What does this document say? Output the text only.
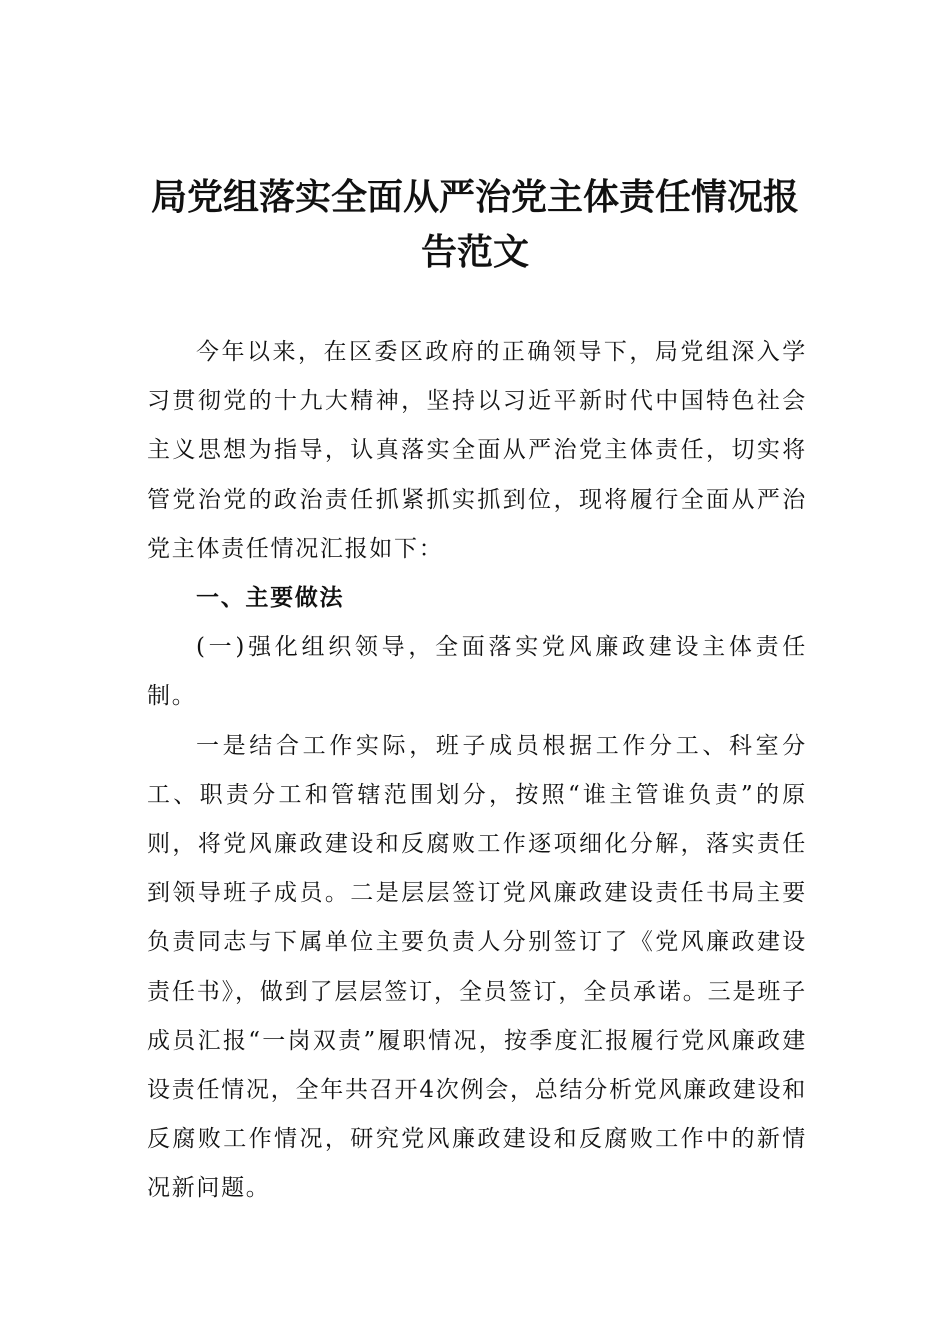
局党组落实全面从严治党主体责任情况报
告范文

今年以来，在区委区政府的正确领导下，局党组深入学习贯彻党的十九大精神，坚持以习近平新时代中国特色社会主义思想为指导，认真落实全面从严治党主体责任，切实将管党治党的政治责任抓紧抓实抓到位，现将履行全面从严治党主体责任情况汇报如下：

一、主要做法

(一)强化组织领导，全面落实党风廉政建设主体责任制。

一是结合工作实际，班子成员根据工作分工、科室分工、职责分工和管辖范围划分，按照“谁主管谁负责”的原则，将党风廉政建设和反腐败工作逐项细化分解，落实责任到领导班子成员。二是层层签订党风廉政建设责任书局主要负责同志与下属单位主要负责人分别签订了《党风廉政建设责任书》，做到了层层签订，全员签订，全员承诺。三是班子成员汇报“一岗双责”履职情况，按季度汇报履行党风廉政建设责任情况，全年共召开4次例会，总结分析党风廉政建设和反腐败工作情况，研究党风廉政建设和反腐败工作中的新情况新问题。
